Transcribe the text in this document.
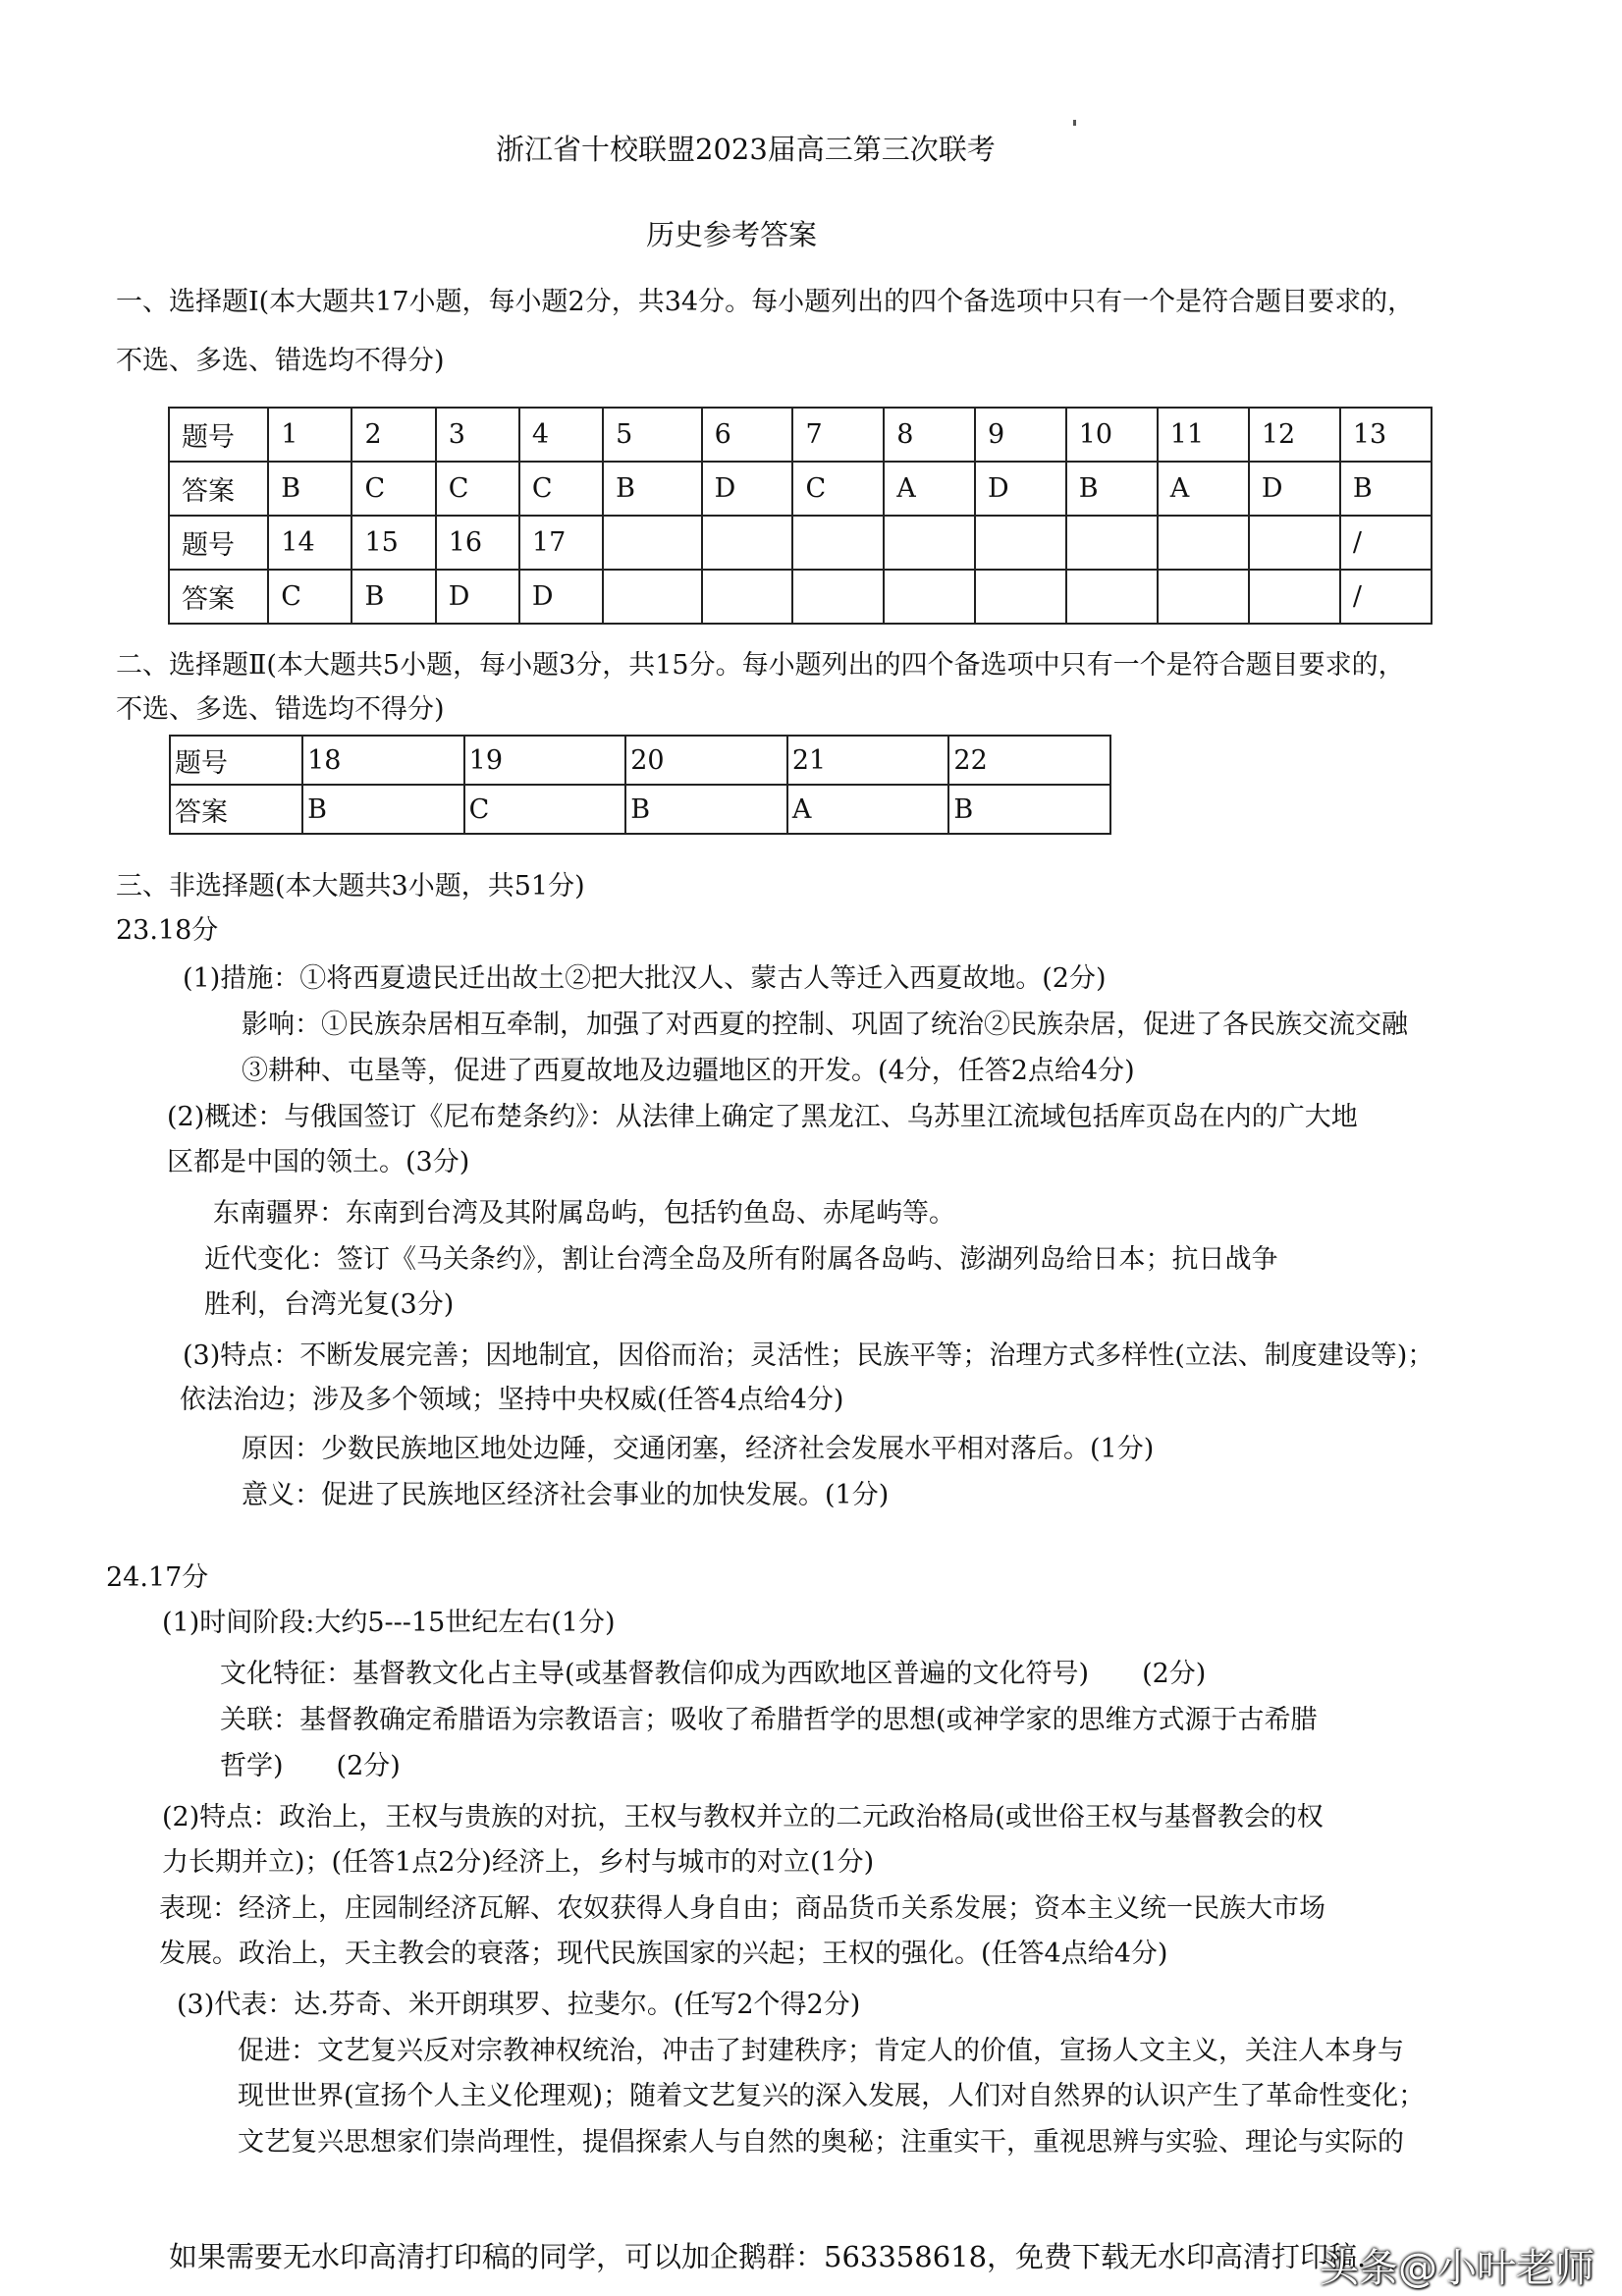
浙江省十校联盟2023届高三第三次联考
历史参考答案
一、选择题Ⅰ(本大题共17小题，每小题2分，共34分。每小题列出的四个备选项中只有一个是符合题目要求的，
不选、多选、错选均不得分)
题号	1	2	3	4	5	6	7	8	9	10	11	12	13
答案	B	C	C	C	B	D	C	A	D	B	A	D	B
题号	14	15	16	17									/
答案	C	B	D	D									/
二、选择题Ⅱ(本大题共5小题，每小题3分，共15分。每小题列出的四个备选项中只有一个是符合题目要求的，
不选、多选、错选均不得分)
题号	18	19	20	21	22
答案	B	C	B	A	B
三、非选择题(本大题共3小题，共51分)
23.18分
(1)措施：①将西夏遗民迁出故土②把大批汉人、蒙古人等迁入西夏故地。(2分)
影响：①民族杂居相互牵制，加强了对西夏的控制、巩固了统治②民族杂居，促进了各民族交流交融
③耕种、屯垦等，促进了西夏故地及边疆地区的开发。(4分，任答2点给4分)
(2)概述：与俄国签订《尼布楚条约》：从法律上确定了黑龙江、乌苏里江流域包括库页岛在内的广大地
区都是中国的领土。(3分)
东南疆界：东南到台湾及其附属岛屿，包括钓鱼岛、赤尾屿等。
近代变化：签订《马关条约》，割让台湾全岛及所有附属各岛屿、澎湖列岛给日本；抗日战争
胜利，台湾光复(3分)
(3)特点：不断发展完善；因地制宜，因俗而治；灵活性；民族平等；治理方式多样性(立法、制度建设等)；
依法治边；涉及多个领域；坚持中央权威(任答4点给4分)
原因：少数民族地区地处边陲，交通闭塞，经济社会发展水平相对落后。(1分)
意义：促进了民族地区经济社会事业的加快发展。(1分)
24.17分
(1)时间阶段:大约5---15世纪左右(1分)
文化特征：基督教文化占主导(或基督教信仰成为西欧地区普遍的文化符号)　　(2分)
关联：基督教确定希腊语为宗教语言；吸收了希腊哲学的思想(或神学家的思维方式源于古希腊
哲学)　　(2分)
(2)特点：政治上，王权与贵族的对抗，王权与教权并立的二元政治格局(或世俗王权与基督教会的权
力长期并立)；(任答1点2分)经济上，乡村与城市的对立(1分)
表现：经济上，庄园制经济瓦解、农奴获得人身自由；商品货币关系发展；资本主义统一民族大市场
发展。政治上，天主教会的衰落；现代民族国家的兴起；王权的强化。(任答4点给4分)
(3)代表：达.芬奇、米开朗琪罗、拉斐尔。(任写2个得2分)
促进：文艺复兴反对宗教神权统治，冲击了封建秩序；肯定人的价值，宣扬人文主义，关注人本身与
现世世界(宣扬个人主义伦理观)；随着文艺复兴的深入发展，人们对自然界的认识产生了革命性变化；
文艺复兴思想家们崇尚理性，提倡探索人与自然的奥秘；注重实干，重视思辨与实验、理论与实际的
如果需要无水印高清打印稿的同学，可以加企鹅群：563358618，免费下载无水印高清打印稿.
头条@小叶老师
